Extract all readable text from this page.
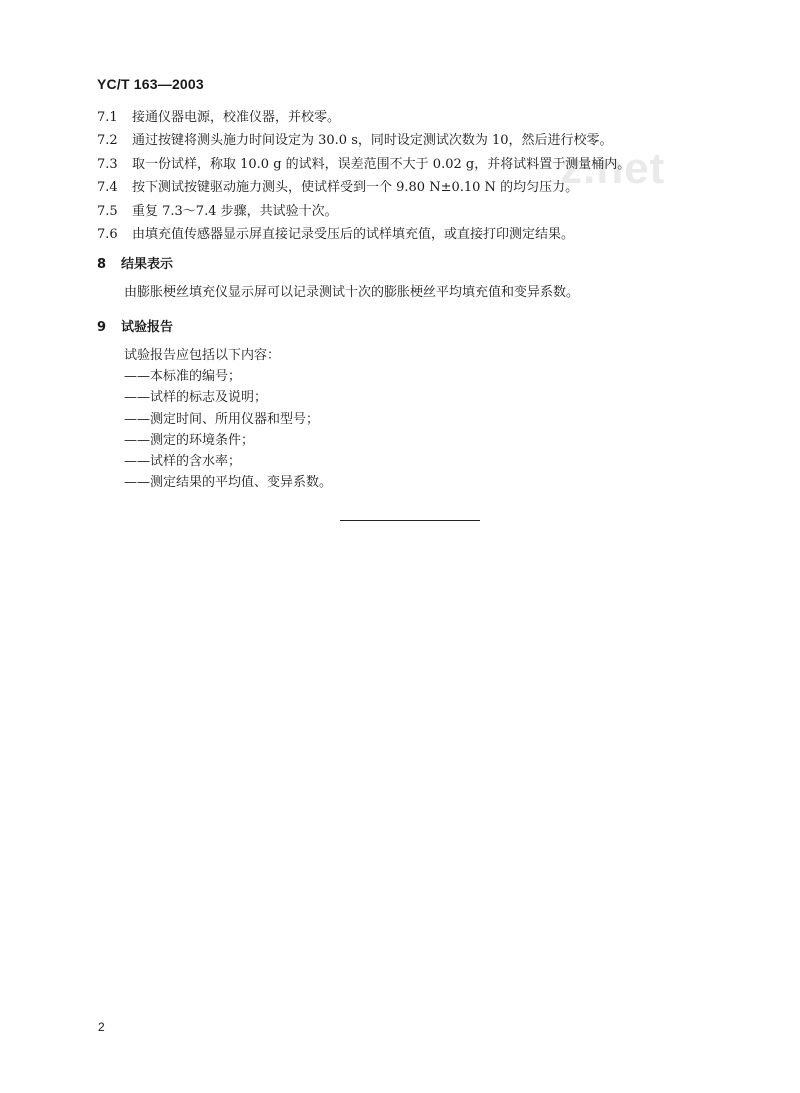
z.net
YC/T 163—2003
7.1	接通仪器电源，校准仪器，并校零。
7.2	通过按键将测头施力时间设定为 30.0 s，同时设定测试次数为 10，然后进行校零。
7.3	取一份试样，称取 10.0 g 的试料，误差范围不大于 0.02 g，并将试料置于测量桶内。
7.4	按下测试按键驱动施力测头，使试样受到一个 9.80 N±0.10 N 的均匀压力。
7.5	重复 7.3～7.4 步骤，共试验十次。
7.6	由填充值传感器显示屏直接记录受压后的试样填充值，或直接打印测定结果。
8 结果表示
由膨胀梗丝填充仪显示屏可以记录测试十次的膨胀梗丝平均填充值和变异系数。
9 试验报告
试验报告应包括以下内容：
——本标准的编号；
——试样的标志及说明；
——测定时间、所用仪器和型号；
——测定的环境条件；
——试样的含水率；
——测定结果的平均值、变异系数。
2
